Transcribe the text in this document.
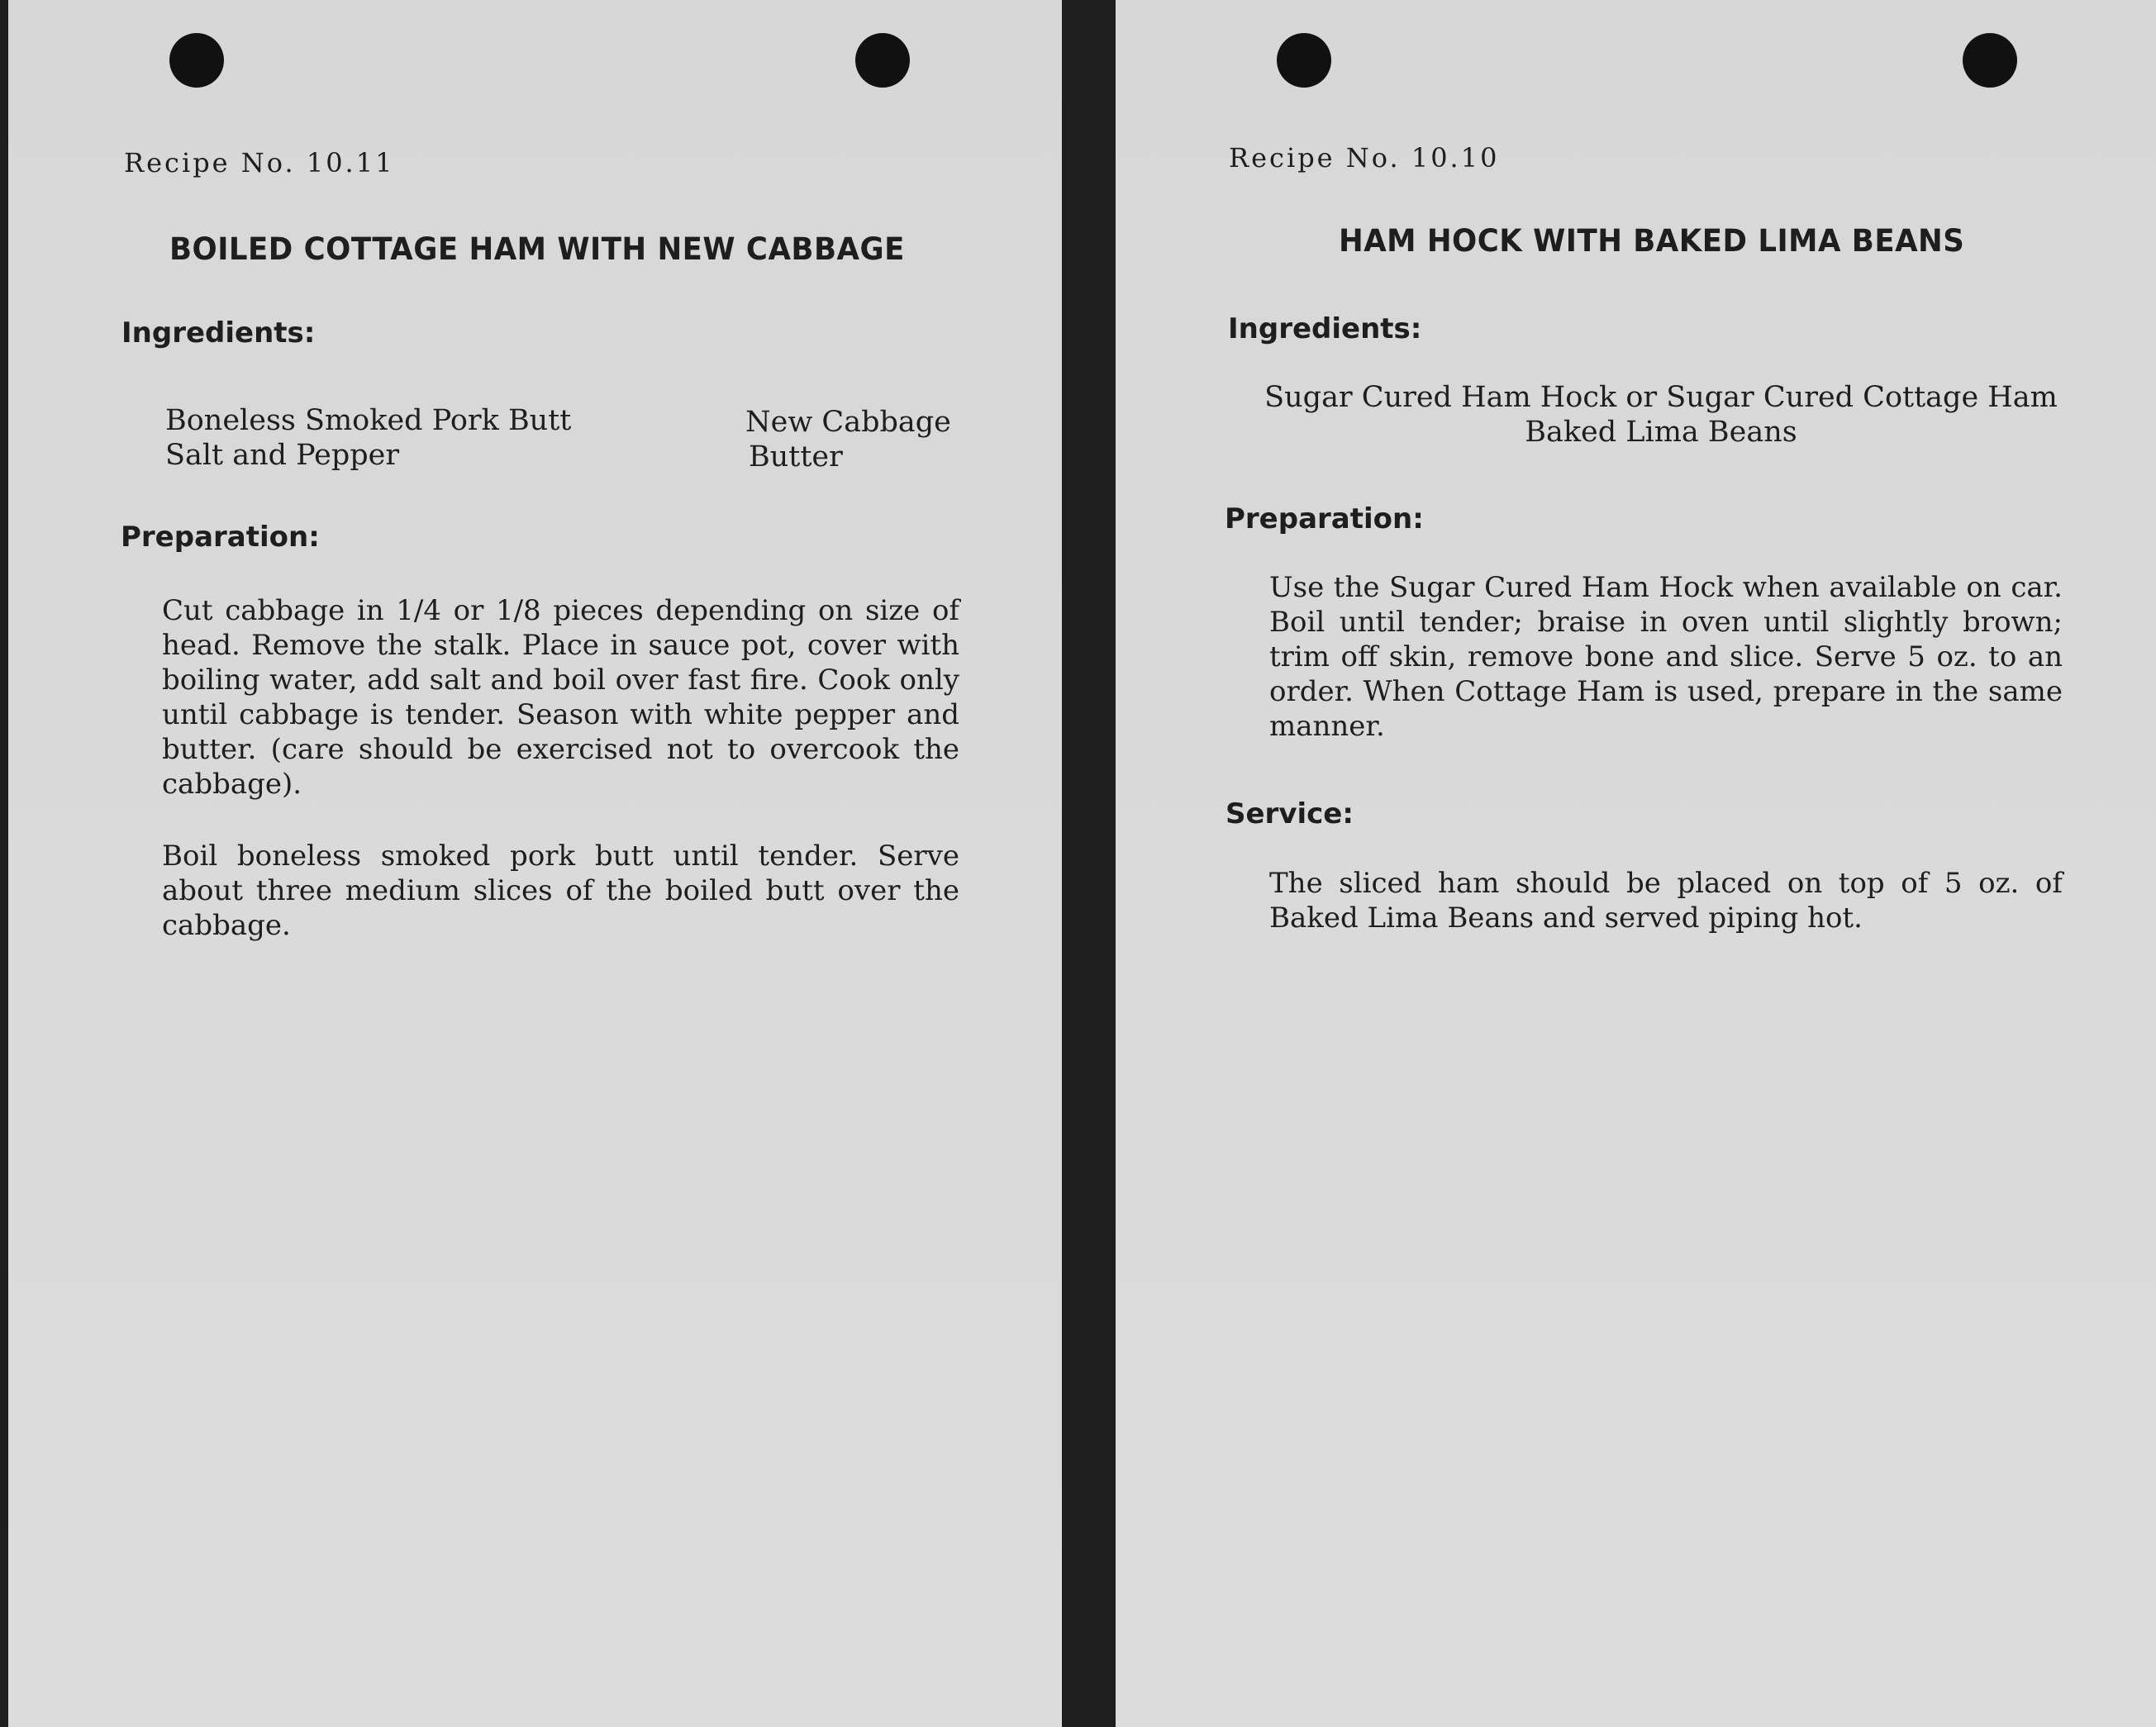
Recipe No. 10.11
BOILED COTTAGE HAM WITH NEW CABBAGE
Ingredients:
Boneless Smoked Pork Butt
Salt and Pepper
New Cabbage
Butter
Preparation:

Cut cabbage in 1/4 or 1/8 pieces depending on size of head. Remove the stalk. Place in sauce pot, cover with boiling water, add salt and boil over fast fire. Cook only until cabbage is tender. Season with white pepper and butter. (care should be exercised not to overcook the cabbage).

Boil boneless smoked pork butt until tender. Serve about three medium slices of the boiled butt over the cabbage.

Recipe No. 10.10
HAM HOCK WITH BAKED LIMA BEANS
Ingredients:
Sugar Cured Ham Hock or Sugar Cured Cottage Ham
Baked Lima Beans
Preparation:

Use the Sugar Cured Ham Hock when available on car. Boil until tender; braise in oven until slightly brown; trim off skin, remove bone and slice. Serve 5 oz. to an order. When Cottage Ham is used, prepare in the same manner.

Service:

The sliced ham should be placed on top of 5 oz. of Baked Lima Beans and served piping hot.
